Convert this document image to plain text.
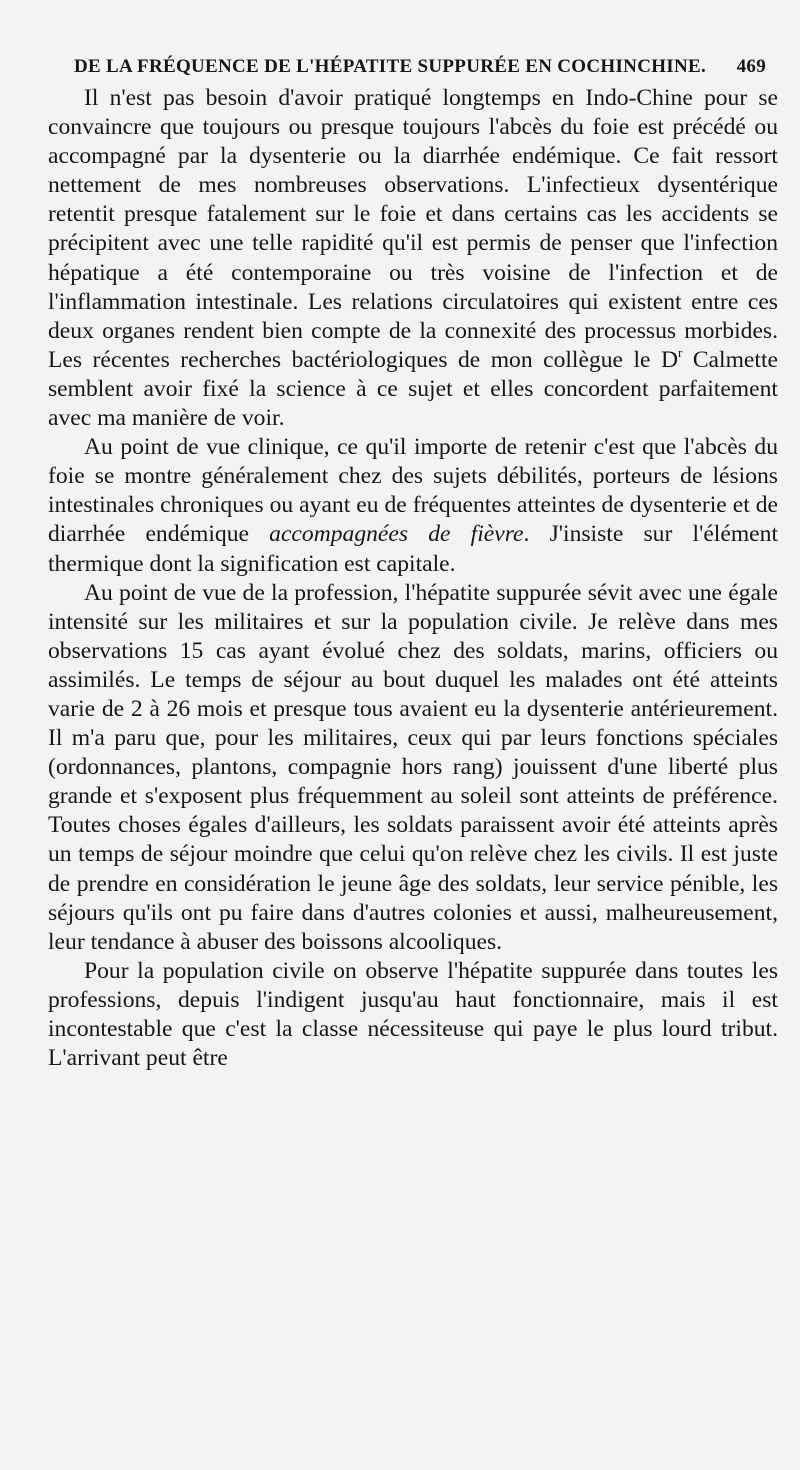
DE LA FRÉQUENCE DE L'HÉPATITE SUPPURÉE EN COCHINCHINE. 469

Il n'est pas besoin d'avoir pratiqué longtemps en Indo-Chine pour se convaincre que toujours ou presque toujours l'abcès du foie est précédé ou accompagné par la dysenterie ou la diarrhée endémique. Ce fait ressort nettement de mes nombreuses observations. L'infectieux dysentérique retentit presque fatalement sur le foie et dans certains cas les accidents se précipitent avec une telle rapidité qu'il est permis de penser que l'infection hépatique a été contemporaine ou très voisine de l'infection et de l'inflammation intestinale. Les relations circulatoires qui existent entre ces deux organes rendent bien compte de la connexité des processus morbides. Les récentes recherches bactériologiques de mon collègue le $D^r$ Calmette semblent avoir fixé la science à ce sujet et elles concordent parfaitement avec ma manière de voir.

Au point de vue clinique, ce qu'il importe de retenir c'est que l'abcès du foie se montre généralement chez des sujets débilités, porteurs de lésions intestinales chroniques ou ayant eu de fréquentes atteintes de dysenterie et de diarrhée endémique accompagnées de fièvre. J'insiste sur l'élément thermique dont la signification est capitale.

Au point de vue de la profession, l'hépatite suppurée sévit avec une égale intensité sur les militaires et sur la population civile. Je relève dans mes observations 15 cas ayant évolué chez des soldats, marins, officiers ou assimilés. Le temps de séjour au bout duquel les malades ont été atteints varie de 2 à 26 mois et presque tous avaient eu la dysenterie antérieurement. Il m'a paru que, pour les militaires, ceux qui par leurs fonctions spéciales (ordonnances, plantons, compagnie hors rang) jouissent d'une liberté plus grande et s'exposent plus fréquemment au soleil sont atteints de préférence. Toutes choses égales d'ailleurs, les soldats paraissent avoir été atteints après un temps de séjour moindre que celui qu'on relève chez les civils. Il est juste de prendre en considération le jeune âge des soldats, leur service pénible, les séjours qu'ils ont pu faire dans d'autres colonies et aussi, malheureusement, leur tendance à abuser des boissons alcooliques.

Pour la population civile on observe l'hépatite suppurée dans toutes les professions, depuis l'indigent jusqu'au haut fonctionnaire, mais il est incontestable que c'est la classe nécessiteuse qui paye le plus lourd tribut. L'arrivant peut être
